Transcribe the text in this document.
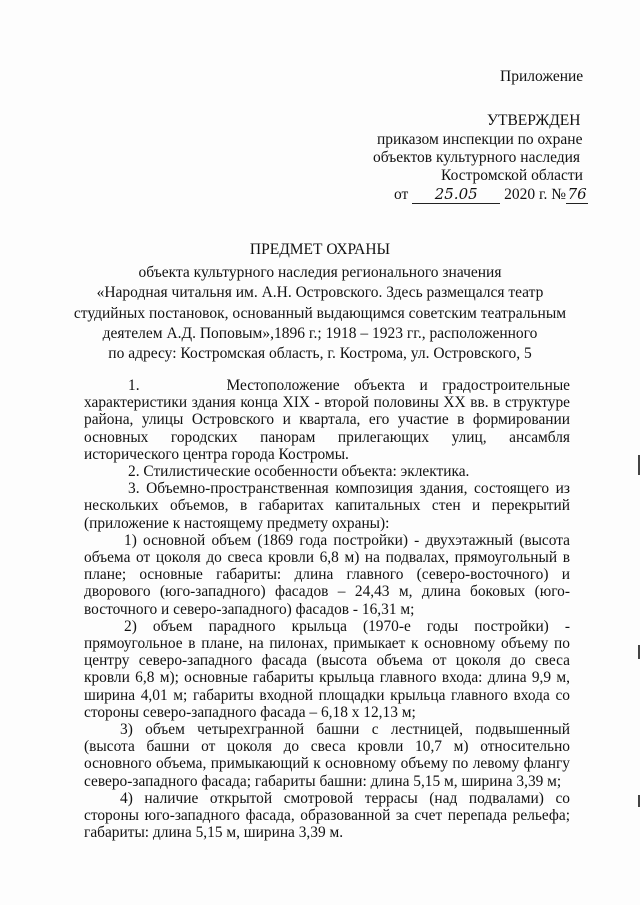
Приложение
УТВЕРЖДЕН
приказом инспекции по охране
объектов культурного наследия
Костромской области
от 25.05 2020 г. №76
ПРЕДМЕТ ОХРАНЫ
объекта культурного наследия регионального значения
«Народная читальня им. А.Н. Островского. Здесь размещался театр
студийных постановок, основанный выдающимся советским театральным
деятелем А.Д. Поповым»,1896 г.; 1918 – 1923 гг., расположенного
по адресу: Костромская область, г. Кострома, ул. Островского, 5

1.      Местоположение объекта и градостроительные характеристики здания конца XIX - второй половины XX вв. в структуре района, улицы Островского и квартала, его участие в формировании основных городских панорам прилегающих улиц, ансамбля исторического центра города Костромы.

2. Стилистические особенности объекта: эклектика.

3. Объемно-пространственная композиция здания, состоящего из нескольких объемов, в габаритах капитальных стен и перекрытий (приложение к настоящему предмету охраны):

1) основной объем (1869 года постройки) - двухэтажный (высота объема от цоколя до свеса кровли 6,8 м) на подвалах, прямоугольный в плане; основные габариты: длина главного (северо-восточного) и дворового (юго-западного) фасадов – 24,43 м, длина боковых (юго-восточного и северо-западного) фасадов - 16,31 м;

2) объем парадного крыльца (1970-е годы постройки) - прямоугольное в плане, на пилонах, примыкает к основному объему по центру северо-западного фасада (высота объема от цоколя до свеса кровли 6,8 м); основные габариты крыльца главного входа: длина 9,9 м, ширина 4,01 м; габариты входной площадки крыльца главного входа со стороны северо-западного фасада – 6,18 х 12,13 м;

3) объем четырехгранной башни с лестницей, подвышенный (высота башни от цоколя до свеса кровли 10,7 м) относительно основного объема, примыкающий к основному объему по левому флангу северо-западного фасада; габариты башни: длина 5,15 м, ширина 3,39 м;

4) наличие открытой смотровой террасы (над подвалами) со стороны юго-западного фасада, образованной за счет перепада рельефа; габариты: длина 5,15 м, ширина 3,39 м.
